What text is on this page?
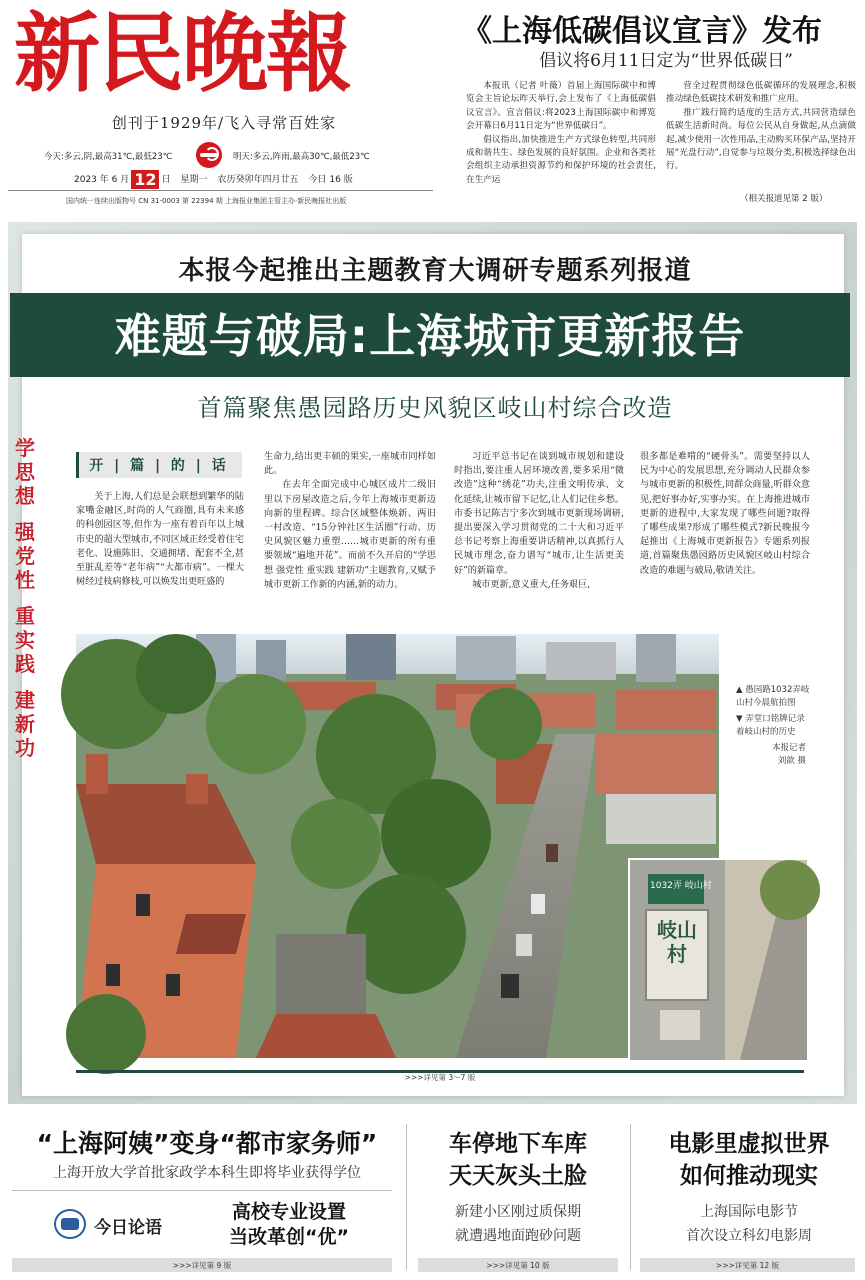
新民晚報
创刊于1929年/飞入寻常百姓家
今天:多云,阴,最高31℃,最低23℃	明天:多云,阵雨,最高30℃,最低23℃
2023 年 6 月 12 日 星期一 农历癸卯年四月廿五 今日 16 版
国内统一连续出版物号 CN 31-0003 第 22394 期 上海报业集团主管主办·新民晚报社出版
《上海低碳倡议宣言》发布
倡议将6月11日定为“世界低碳日”

本报讯（记者 叶薇）首届上海国际碳中和博览会主旨论坛昨天举行,会上发布了《上海低碳倡议宣言》。宣言倡议:将2023上海国际碳中和博览会开幕日6月11日定为“世界低碳日”。

倡议指出,加快推进生产方式绿色转型,共同形成和谐共生、绿色发展的良好氛围。企业和各类社会组织主动承担资源节约和保护环境的社会责任,在生产运

营全过程贯彻绿色低碳循环的发展理念,积极推动绿色低碳技术研发和推广应用。

推广践行简约适度的生活方式,共同营造绿色低碳生活新时尚。每位公民从自身做起,从点滴做起,减少使用一次性用品,主动购买环保产品,坚持开展“光盘行动”,自觉参与垃圾分类,积极选择绿色出行。

（相关报道见第 2 版）
本报今起推出主题教育大调研专题系列报道
难题与破局:上海城市更新报告
首篇聚焦愚园路历史风貌区岐山村综合改造
学思想
强党性
重实践
建新功
开 | 篇 | 的 | 话

关于上海,人们总是会联想到繁华的陆家嘴金融区,时尚的人气商圈,具有未来感的科创园区等,但作为一座有着百年以上城市史的超大型城市,不同区域正经受着住宅老化、设施陈旧、交通拥堵、配套不全,甚至脏乱差等“老年病”“大都市病”。一棵大树经过枝病修枝,可以焕发出更旺盛的

生命力,结出更丰硕的果实,一座城市同样如此。

在去年全面完成中心城区成片二级旧里以下房屋改造之后,今年上海城市更新迈向新的里程碑。综合区域整体焕新、两旧一村改造、“15分钟社区生活圈”行动、历史风貌区魅力重塑……城市更新的所有重要领域“遍地开花”。而前不久开启的“学思想 强党性 重实践 建新功”主题教育,又赋予城市更新工作新的内涵,新的动力。

习近平总书记在谈到城市规划和建设时指出,要注重人居环境改善,要多采用“微改造”这种“绣花”功夫,注重文明传承、文化延续,让城市留下记忆,让人们记住乡愁。市委书记陈吉宁多次到城市更新现场调研,提出要深入学习贯彻党的二十大和习近平总书记考察上海重要讲话精神,以真抓行人民城市理念,奋力谱写“城市,让生活更美好”的新篇章。

城市更新,意义重大,任务艰巨,

很多都是难啃的“硬骨头”。需要坚持以人民为中心的发展思想,充分调动人民群众参与城市更新的积极性,同群众商量,听群众意见,把好事办好,实事办实。在上海推进城市更新的进程中,大家发现了哪些问题?取得了哪些成果?形成了哪些模式?新民晚报今起推出《上海城市更新报告》专题系列报道,首篇聚焦愚园路历史风貌区岐山村综合改造的难题与破局,敬请关注。

1032弄 岐山村
岐山村

▲ 愚园路1032弄岐山村今晨航拍图

▼ 弄堂口铭牌记录着岐山村的历史

本报记者

刘歆 摄

>>>详见第 3～7 版
“上海阿姨”变身“都市家务师”
上海开放大学首批家政学本科生即将毕业获得学位
今日论语
高校专业设置
当改革创“优”
>>>详见第 9 版
车停地下车库
天天灰头土脸
新建小区刚过质保期
就遭遇地面跑砂问题
>>>详见第 10 版
电影里虚拟世界
如何推动现实
上海国际电影节
首次设立科幻电影周
>>>详见第 12 版
